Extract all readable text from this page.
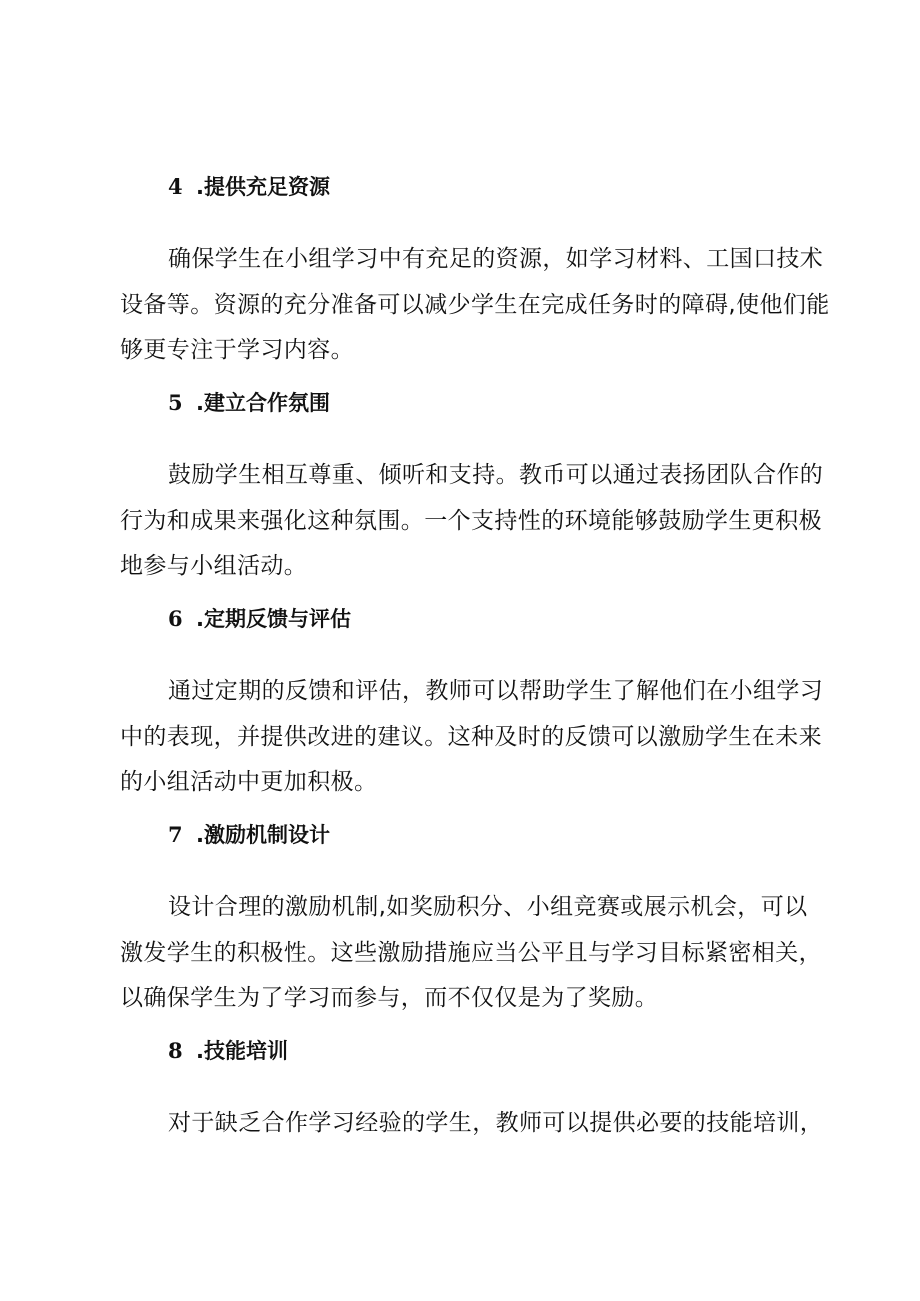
4 .提供充足资源
确保学生在小组学习中有充足的资源，如学习材料、工国口技术
设备等。资源的充分准备可以减少学生在完成任务时的障碍,使他们能
够更专注于学习内容。
5 .建立合作氛围
鼓励学生相互尊重、倾听和支持。教币可以通过表扬团队合作的
行为和成果来强化这种氛围。一个支持性的环境能够鼓励学生更积极
地参与小组活动。
6 .定期反馈与评估
通过定期的反馈和评估，教师可以帮助学生了解他们在小组学习
中的表现，并提供改进的建议。这种及时的反馈可以激励学生在未来
的小组活动中更加积极。
7 .激励机制设计
设计合理的激励机制,如奖励积分、小组竞赛或展示机会，可以
激发学生的积极性。这些激励措施应当公平且与学习目标紧密相关，
以确保学生为了学习而参与，而不仅仅是为了奖励。
8 .技能培训
对于缺乏合作学习经验的学生，教师可以提供必要的技能培训，
